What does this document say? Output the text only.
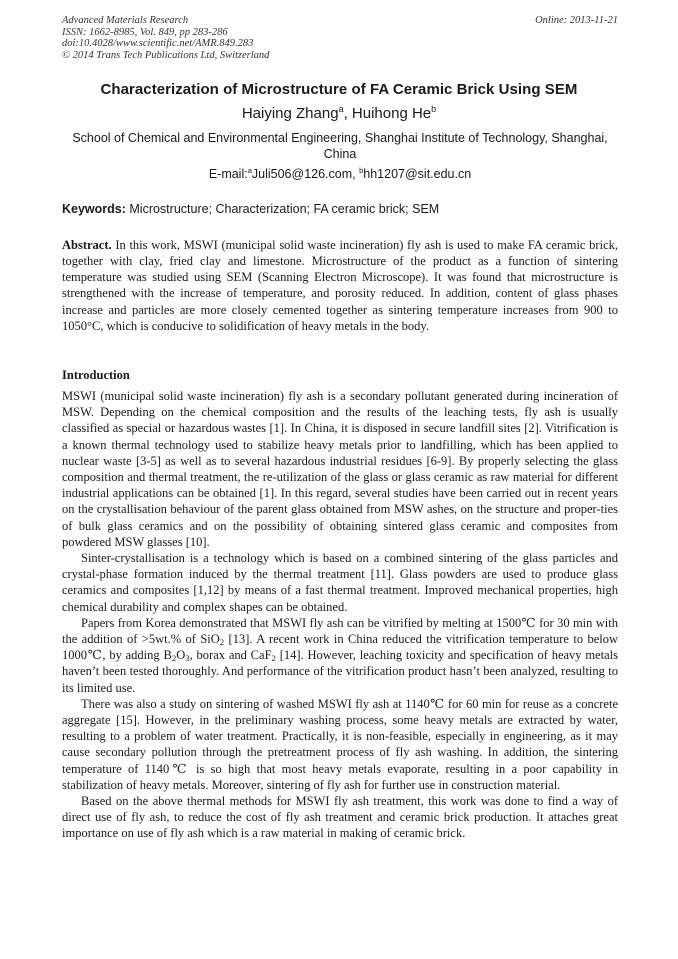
Advanced Materials Research
ISSN: 1662-8985, Vol. 849, pp 283-286
doi:10.4028/www.scientific.net/AMR.849.283
© 2014 Trans Tech Publications Ltd, Switzerland
Online: 2013-11-21
Characterization of Microstructure of FA Ceramic Brick Using SEM
Haiying Zhang$^a$, Huihong He$^b$
School of Chemical and Environmental Engineering, Shanghai Institute of Technology, Shanghai, China
E-mail:$^a$Juli506@126.com, $^b$hh1207@sit.edu.cn
Keywords: Microstructure; Characterization; FA ceramic brick; SEM

Abstract. In this work, MSWI (municipal solid waste incineration) fly ash is used to make FA ceramic brick, together with clay, fried clay and limestone. Microstructure of the product as a function of sintering temperature was studied using SEM (Scanning Electron Microscope). It was found that microstructure is strengthened with the increase of temperature, and porosity reduced. In addition, content of glass phases increase and particles are more closely cemented together as sintering temperature increases from 900 to 1050°C, which is conducive to solidification of heavy metals in the body.

Introduction

MSWI (municipal solid waste incineration) fly ash is a secondary pollutant generated during incineration of MSW. Depending on the chemical composition and the results of the leaching tests, fly ash is usually classified as special or hazardous wastes [1]. In China, it is disposed in secure landfill sites [2]. Vitrification is a known thermal technology used to stabilize heavy metals prior to landfilling, which has been applied to nuclear waste [3-5] as well as to several hazardous industrial residues [6-9]. By properly selecting the glass composition and thermal treatment, the re-utilization of the glass or glass ceramic as raw material for different industrial applications can be obtained [1]. In this regard, several studies have been carried out in recent years on the crystallisation behaviour of the parent glass obtained from MSW ashes, on the structure and proper-ties of bulk glass ceramics and on the possibility of obtaining sintered glass ceramic and composites from powdered MSW glasses [10].

Sinter-crystallisation is a technology which is based on a combined sintering of the glass particles and crystal-phase formation induced by the thermal treatment [11]. Glass powders are used to produce glass ceramics and composites [1,12] by means of a fast thermal treatment. Improved mechanical properties, high chemical durability and complex shapes can be obtained.

Papers from Korea demonstrated that MSWI fly ash can be vitrified by melting at 1500℃ for 30 min with the addition of >5wt.% of SiO$_2$ [13]. A recent work in China reduced the vitrification temperature to below 1000℃, by adding $B_2O_3$, borax and CaF$_2$ [14]. However, leaching toxicity and specification of heavy metals haven’t been tested thoroughly. And performance of the vitrification product hasn’t been analyzed, resulting to its limited use.

There was also a study on sintering of washed MSWI fly ash at 1140℃ for 60 min for reuse as a concrete aggregate [15]. However, in the preliminary washing process, some heavy metals are extracted by water, resulting to a problem of water treatment. Practically, it is non-feasible, especially in engineering, as it may cause secondary pollution through the pretreatment process of fly ash washing. In addition, the sintering temperature of 1140℃ is so high that most heavy metals evaporate, resulting in a poor capability in stabilization of heavy metals. Moreover, sintering of fly ash for further use in construction material.

Based on the above thermal methods for MSWI fly ash treatment, this work was done to find a way of direct use of fly ash, to reduce the cost of fly ash treatment and ceramic brick production. It attaches great importance on use of fly ash which is a raw material in making of ceramic brick.
